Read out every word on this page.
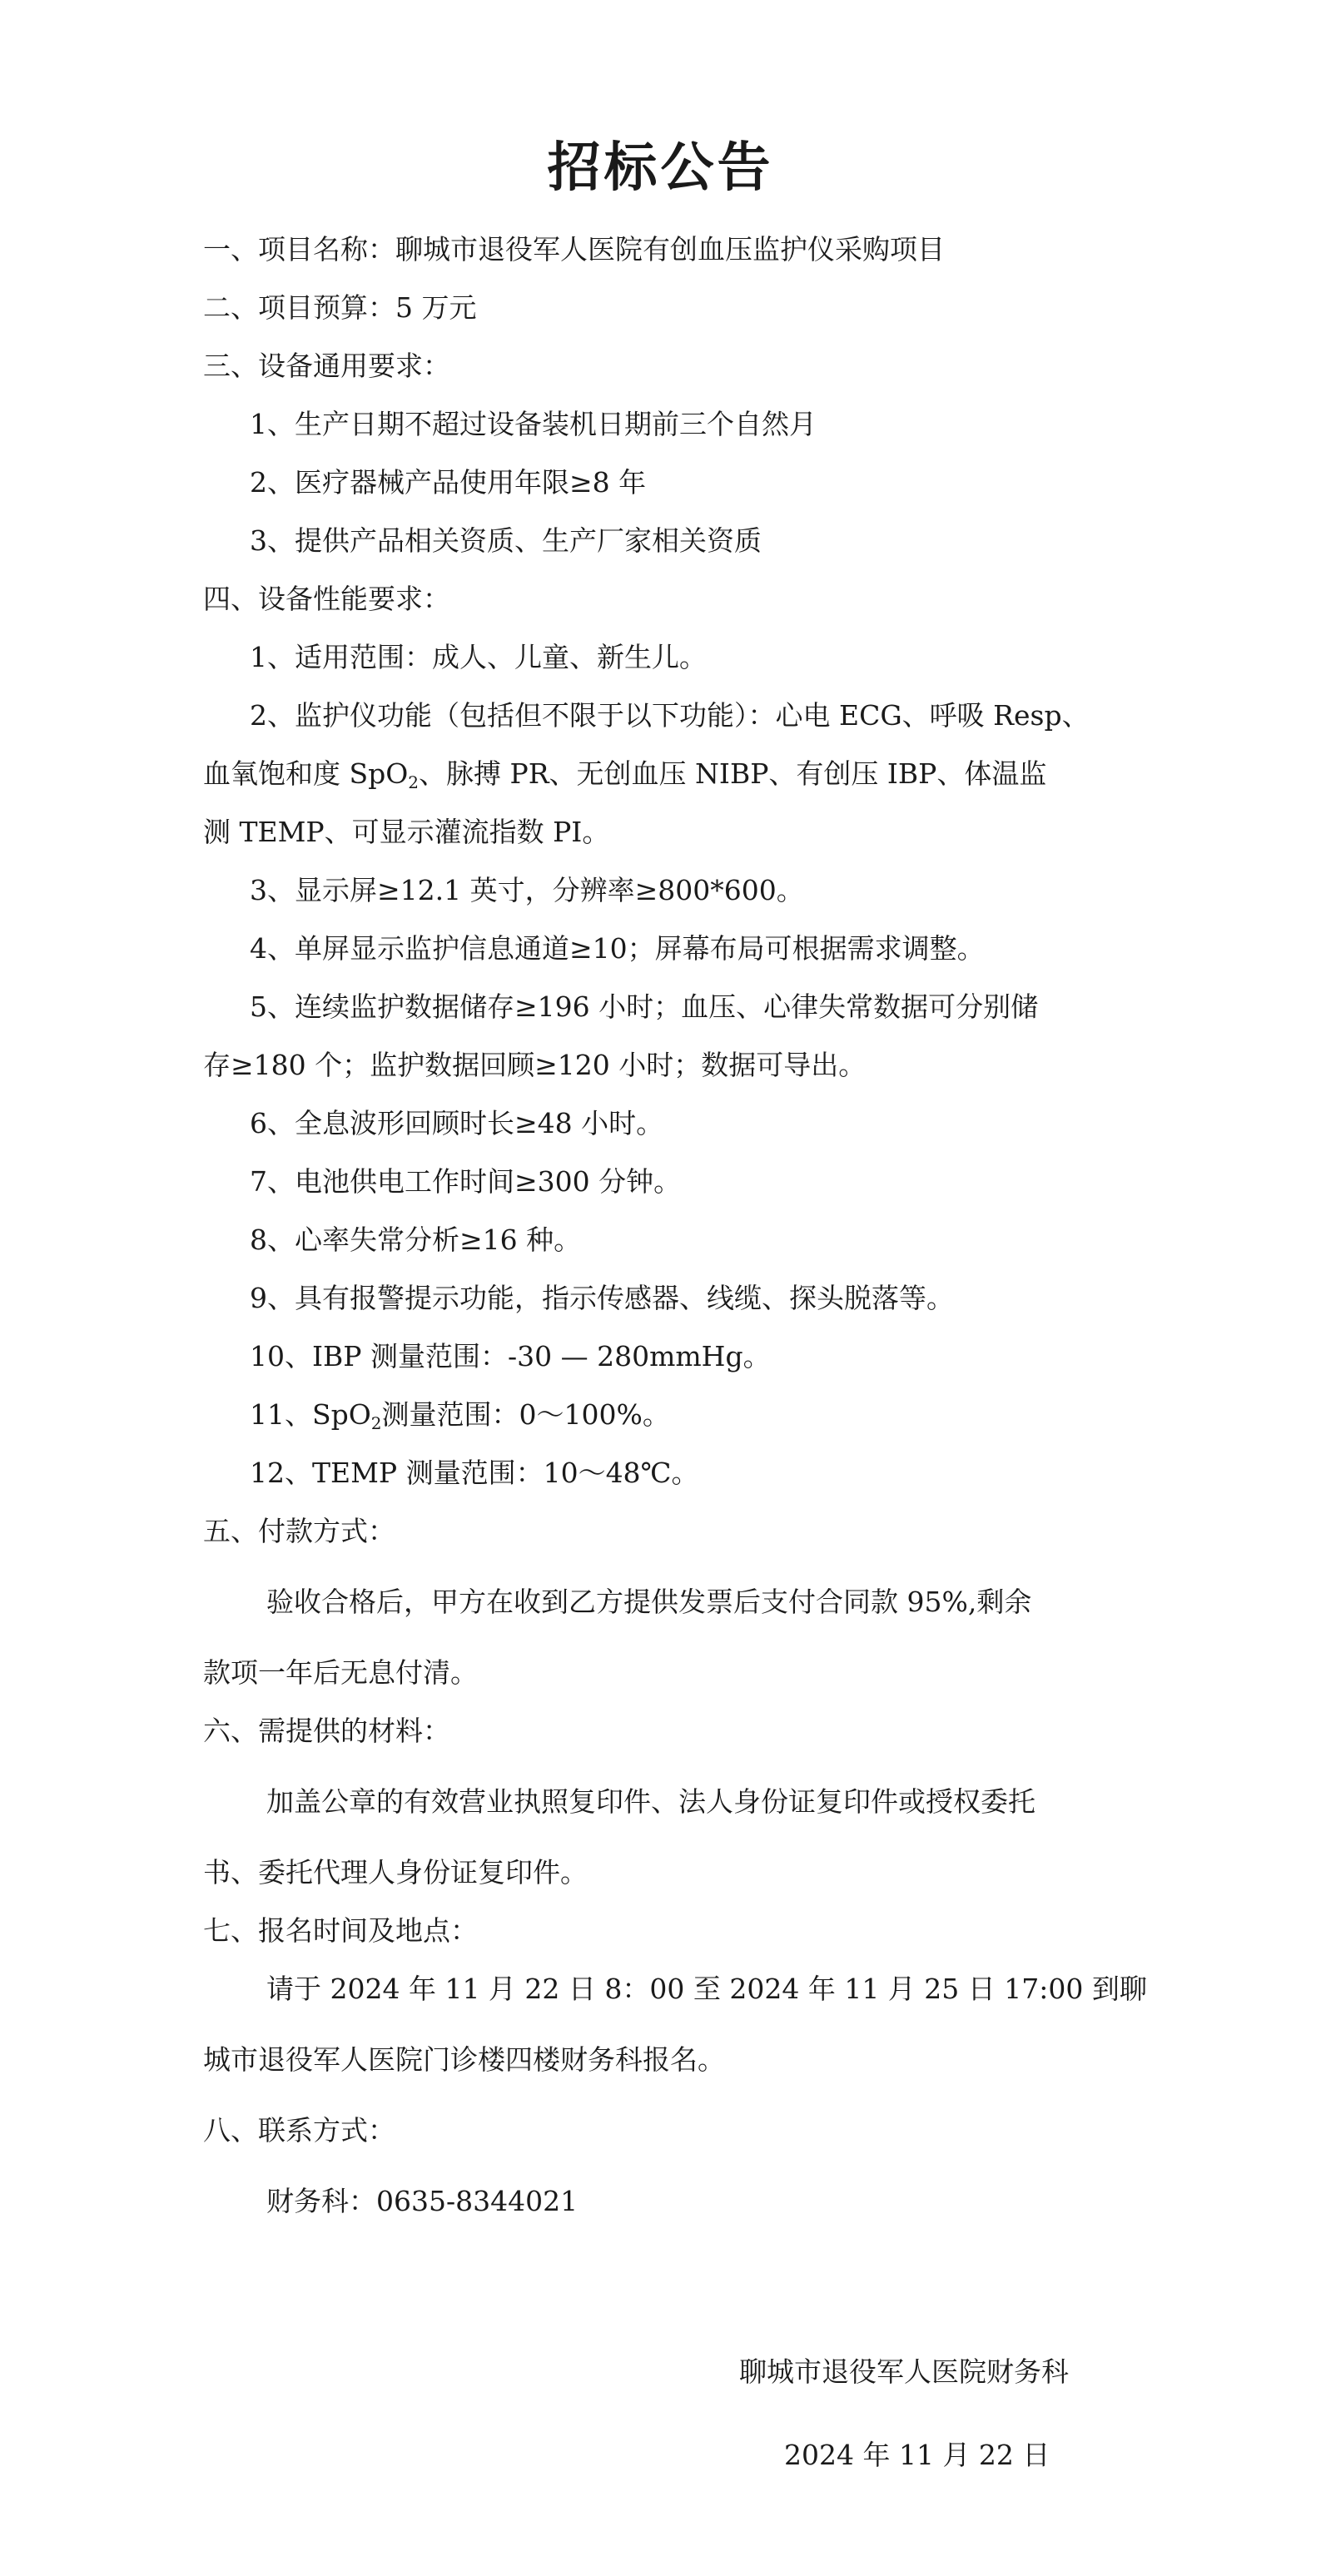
招标公告

一、项目名称：聊城市退役军人医院有创血压监护仪采购项目

二、项目预算：5 万元

三、设备通用要求：

1、生产日期不超过设备装机日期前三个自然月

2、医疗器械产品使用年限≥8 年

3、提供产品相关资质、生产厂家相关资质

四、设备性能要求：

1、适用范围：成人、儿童、新生儿。

2、监护仪功能（包括但不限于以下功能）：心电 ECG、呼吸 Resp、

血氧饱和度 SpO$_2$、脉搏 PR、无创血压 NIBP、有创压 IBP、体温监

测 TEMP、可显示灌流指数 PI。

3、显示屏≥12.1 英寸，分辨率≥800*600。

4、单屏显示监护信息通道≥10；屏幕布局可根据需求调整。

5、连续监护数据储存≥196 小时；血压、心律失常数据可分别储

存≥180 个；监护数据回顾≥120 小时；数据可导出。

6、全息波形回顾时长≥48 小时。

7、电池供电工作时间≥300 分钟。

8、心率失常分析≥16 种。

9、具有报警提示功能，指示传感器、线缆、探头脱落等。

10、IBP 测量范围：-30 — 280mmHg。

11、SpO$_2$测量范围：0～100%。

12、TEMP 测量范围：10～48℃。

五、付款方式：

验收合格后，甲方在收到乙方提供发票后支付合同款 95%,剩余

款项一年后无息付清。

六、需提供的材料：

加盖公章的有效营业执照复印件、法人身份证复印件或授权委托

书、委托代理人身份证复印件。

七、报名时间及地点：

请于 2024 年 11 月 22 日 8：00 至 2024 年 11 月 25 日 17:00 到聊

城市退役军人医院门诊楼四楼财务科报名。

八、联系方式：

财务科：0635-8344021

聊城市退役军人医院财务科
2024 年 11 月 22 日
